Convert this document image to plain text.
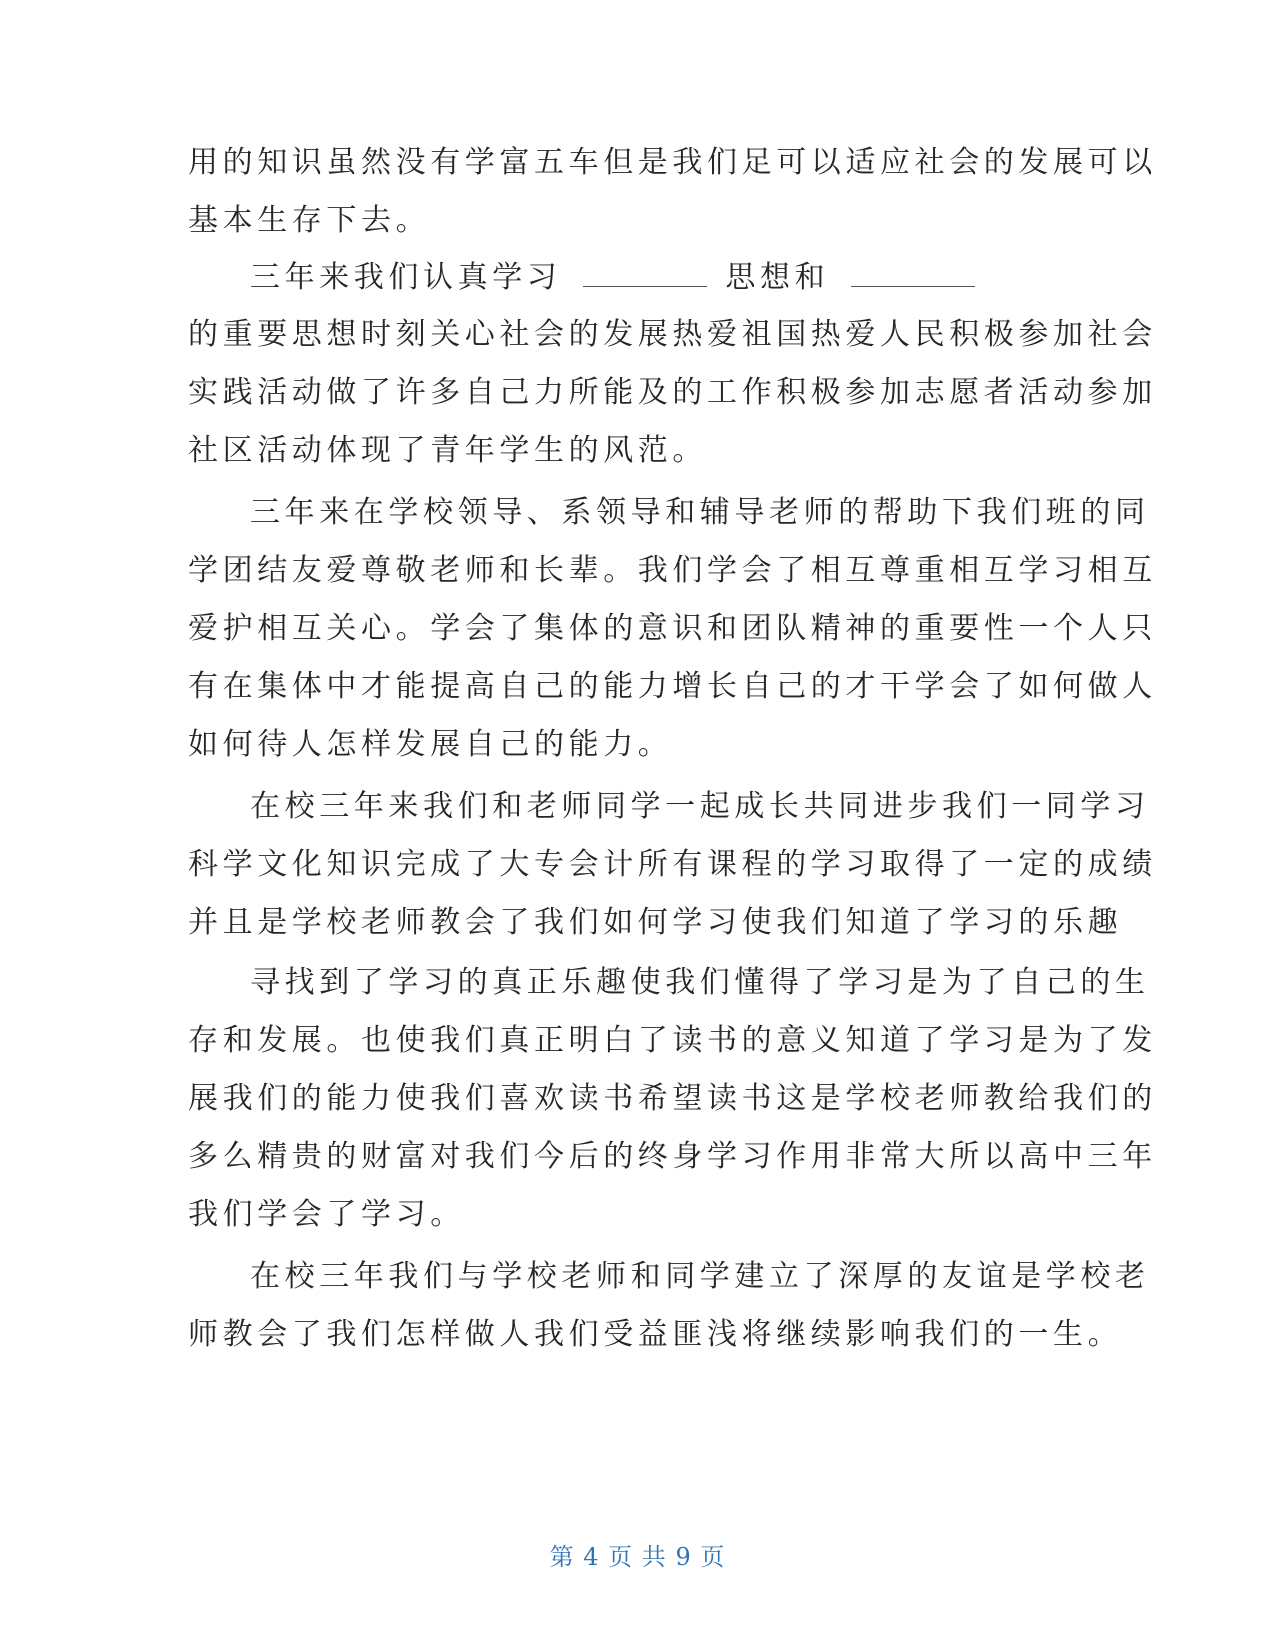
用的知识虽然没有学富五车但是我们足可以适应社会的发展可以
基本生存下去。
三年来我们认真学习	思想和
的重要思想时刻关心社会的发展热爱祖国热爱人民积极参加社会
实践活动做了许多自己力所能及的工作积极参加志愿者活动参加
社区活动体现了青年学生的风范。
三年来在学校领导、系领导和辅导老师的帮助下我们班的同
学团结友爱尊敬老师和长辈。我们学会了相互尊重相互学习相互
爱护相互关心。学会了集体的意识和团队精神的重要性一个人只
有在集体中才能提高自己的能力增长自己的才干学会了如何做人
如何待人怎样发展自己的能力。
在校三年来我们和老师同学一起成长共同进步我们一同学习
科学文化知识完成了大专会计所有课程的学习取得了一定的成绩
并且是学校老师教会了我们如何学习使我们知道了学习的乐趣
寻找到了学习的真正乐趣使我们懂得了学习是为了自己的生
存和发展。也使我们真正明白了读书的意义知道了学习是为了发
展我们的能力使我们喜欢读书希望读书这是学校老师教给我们的
多么精贵的财富对我们今后的终身学习作用非常大所以高中三年
我们学会了学习。
在校三年我们与学校老师和同学建立了深厚的友谊是学校老
师教会了我们怎样做人我们受益匪浅将继续影响我们的一生。
第 4 页 共 9 页
